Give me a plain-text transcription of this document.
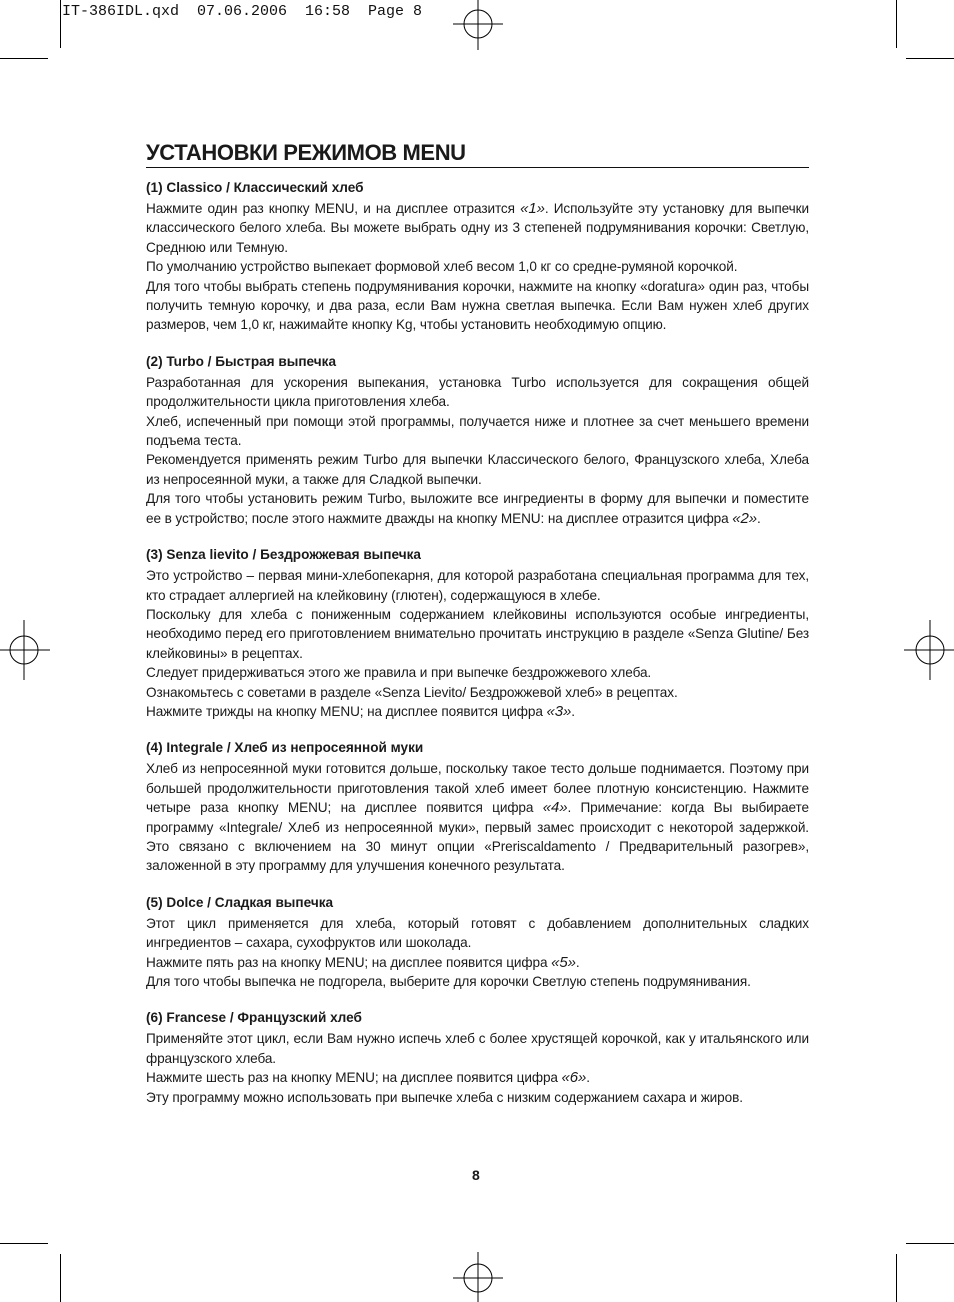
IT-386IDL.qxd  07.06.2006  16:58  Page 8
УСТАНОВКИ РЕЖИМОВ MENU
(1) Classico / Классический хлеб

Нажмите один раз кнопку MENU, и на дисплее отразится «1». Используйте эту установку для выпечки классического белого хлеба. Вы можете выбрать одну из 3 степеней подрумянивания корочки: Светлую, Среднюю или Темную.

По умолчанию устройство выпекает формовой хлеб весом 1,0 кг со средне-румяной корочкой.

Для того чтобы выбрать степень подрумянивания корочки, нажмите на кнопку «doratura» один раз, чтобы получить темную корочку, и два раза, если Вам нужна светлая выпечка. Если Вам нужен хлеб других размеров, чем 1,0 кг, нажимайте кнопку Kg, чтобы установить необходимую опцию.

(2) Turbo / Быстрая выпечка

Разработанная для ускорения выпекания, установка Turbo используется для сокращения общей продолжительности цикла приготовления хлеба.

Хлеб, испеченный при помощи этой программы, получается ниже и плотнее за счет меньшего времени подъема теста.

Рекомендуется применять режим Turbo для выпечки Классического белого, Французского хлеба, Хлеба из непросеянной муки, а также для Сладкой выпечки.

Для того чтобы установить режим Turbo, выложите все ингредиенты в форму для выпечки и поместите ее в устройство; после этого нажмите дважды на кнопку MENU: на дисплее отразится цифра «2».

(3) Senza lievito / Бездрожжевая выпечка

Это устройство – первая мини-хлебопекарня, для которой разработана специальная программа для тех, кто страдает аллергией на клейковину (глютен), содержащуюся в хлебе.

Поскольку для хлеба с пониженным содержанием клейковины используются особые ингредиенты, необходимо перед его приготовлением внимательно прочитать инструкцию в разделе «Senza Glutine/ Без клейковины» в рецептах.

Следует придерживаться этого же правила и при выпечке бездрожжевого хлеба.

Ознакомьтесь с советами в разделе «Senza Lievito/ Бездрожжевой хлеб» в рецептах.

Нажмите трижды на кнопку MENU; на дисплее появится цифра «3».

(4) Integrale / Хлеб из непросеянной муки

Хлеб из непросеянной муки готовится дольше, поскольку такое тесто дольше поднимается. Поэтому при большей продолжительности приготовления такой хлеб имеет более плотную консистенцию. Нажмите четыре раза кнопку MENU; на дисплее появится цифра «4». Примечание: когда Вы выбираете программу «Integrale/ Хлеб из непросеянной муки», первый замес происходит с некоторой задержкой. Это связано с включением на 30 минут опции «Preriscaldamento / Предварительный разогрев», заложенной в эту программу для улучшения конечного результата.

(5) Dolce / Сладкая выпечка

Этот цикл применяется для хлеба, который готовят с добавлением дополнительных сладких ингредиентов – сахара, сухофруктов или шоколада.

Нажмите пять раз на кнопку MENU; на дисплее появится цифра «5».

Для того чтобы выпечка не подгорела, выберите для корочки Светлую степень подрумянивания.

(6) Francese / Французский хлеб

Применяйте этот цикл, если Вам нужно испечь хлеб с более хрустящей корочкой, как у итальянского или французского хлеба.

Нажмите шесть раз на кнопку MENU; на дисплее появится цифра «6».

Эту программу можно использовать при выпечке хлеба с низким содержанием сахара и жиров.

8
